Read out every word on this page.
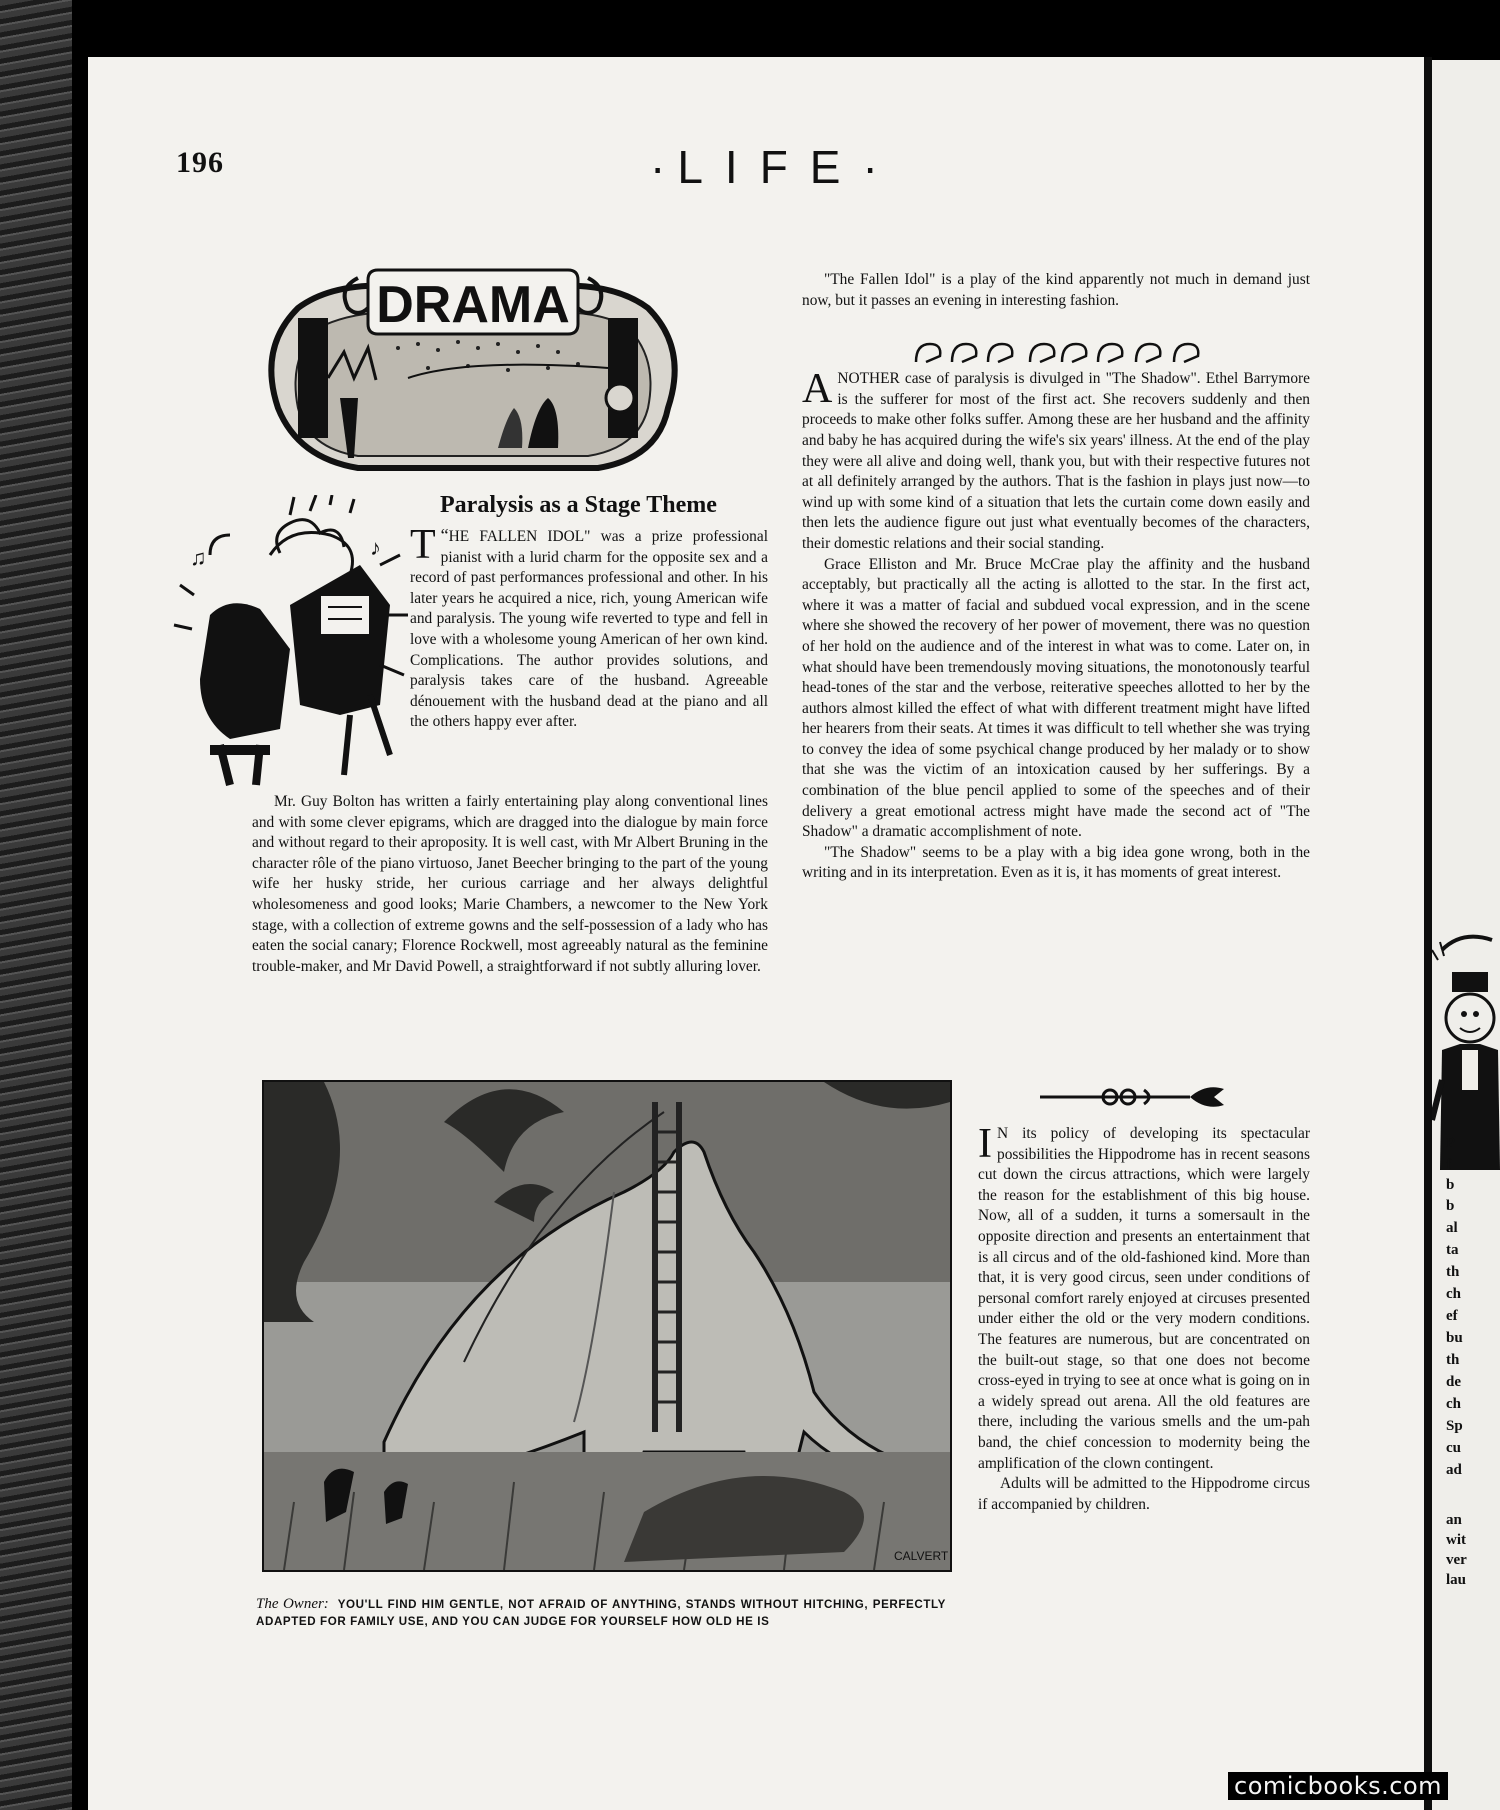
P
f
b
b
al
ta
th
ch
ef
bu
th
de
ch
Sp
cu
ad
an
wit
ver
lau
196
·	LIFE ·
DRAMA
♪
♫
Paralysis as a Stage Theme

“
T HE FALLEN IDOL" was a prize professional pianist with a lurid charm for the opposite sex and a record of past performances professional and other. In his later years he acquired a nice, rich, young American wife and paralysis. The young wife reverted to type and fell in love with a wholesome young American of her own kind. Complications. The author provides solutions, and paralysis takes care of the husband. Agreeable dénouement with the husband dead at the piano and all the others happy ever after.

Mr. Guy Bolton has written a fairly entertaining play along conventional lines and with some clever epigrams, which are dragged into the dialogue by main force and without regard to their apropositу. It is well cast, with Mr Albert Bruning in the character rôle of the piano virtuoso, Janet Beecher bringing to the part of the young wife her husky stride, her curious carriage and her always delightful wholesomeness and good looks; Marie Chambers, a newcomer to the New York stage, with a collection of extreme gowns and the self-possession of a lady who has eaten the social canary; Florence Rockwell, most agreeably natural as the feminine trouble-maker, and Mr David Powell, a straightforward if not subtly alluring lover.

"The Fallen Idol" is a play of the kind apparently not much in demand just now, but it passes an evening in interesting fashion.

ANOTHER case of paralysis is divulged in "The Shadow". Ethel Barrymore is the sufferer for most of the first act. She recovers suddenly and then proceeds to make other folks suffer. Among these are her husband and the affinity and baby he has acquired during the wife's six years' illness. At the end of the play they were all alive and doing well, thank you, but with their respective futures not at all definitely arranged by the authors. That is the fashion in plays just now—to wind up with some kind of a situation that lets the curtain come down easily and then lets the audience figure out just what eventually becomes of the characters, their domestic relations and their social standing.

Grace Elliston and Mr. Bruce McCrae play the affinity and the husband acceptably, but practically all the acting is allotted to the star. In the first act, where it was a matter of facial and subdued vocal expression, and in the scene where she showed the recovery of her power of movement, there was no question of her hold on the audience and of the interest in what was to come. Later on, in what should have been tremendously moving situations, the monotonously tearful head-tones of the star and the verbose, reiterative speeches allotted to her by the authors almost killed the effect of what with different treatment might have lifted her hearers from their seats. At times it was difficult to tell whether she was trying to convey the idea of some psychical change produced by her malady or to show that she was the victim of an intoxication caused by her sufferings. By a combination of the blue pencil applied to some of the speeches and of their delivery a great emotional actress might have made the second act of "The Shadow" a dramatic accomplishment of note.

"The Shadow" seems to be a play with a big idea gone wrong, both in the writing and in its interpretation. Even as it is, it has moments of great interest.

CALVERT
The Owner: YOU'LL FIND HIM GENTLE, NOT AFRAID OF ANYTHING, STANDS WITHOUT HITCHING, PERFECTLY ADAPTED FOR FAMILY USE, AND YOU CAN JUDGE FOR YOURSELF HOW OLD HE IS

I N its policy of developing its spectacular possibilities the Hippodrome has in recent seasons cut down the circus attractions, which were largely the reason for the establishment of this big house. Now, all of a sudden, it turns a somersault in the opposite direction and presents an entertainment that is all circus and of the old-fashioned kind. More than that, it is very good circus, seen under conditions of personal comfort rarely enjoyed at circuses presented under either the old or the very modern conditions. The features are numerous, but are concentrated on the built-out stage, so that one does not become cross-eyed in trying to see at once what is going on in a widely spread out arena. All the old features are there, including the various smells and the um-pah band, the chief concession to modernity being the amplification of the clown contingent.

Adults will be admitted to the Hippodrome circus if accompanied by children.

comicbooks.com
